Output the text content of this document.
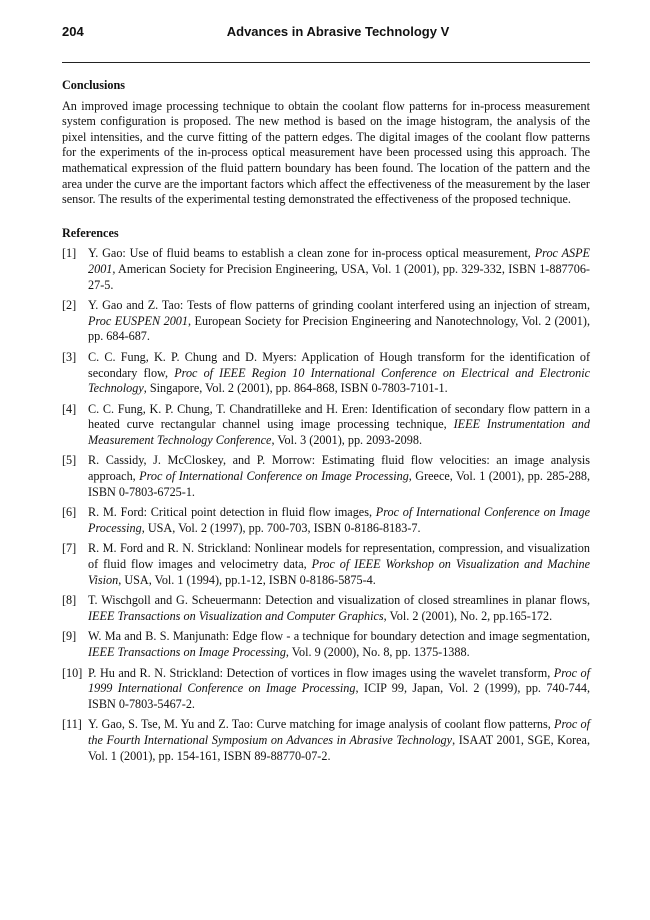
204	Advances in Abrasive Technology V
Conclusions

An improved image processing technique to obtain the coolant flow patterns for in-process measurement system configuration is proposed. The new method is based on the image histogram, the analysis of the pixel intensities, and the curve fitting of the pattern edges. The digital images of the coolant flow patterns for the experiments of the in-process optical measurement have been processed using this approach. The mathematical expression of the fluid pattern boundary has been found. The location of the pattern and the area under the curve are the important factors which affect the effectiveness of the measurement by the laser sensor. The results of the experimental testing demonstrated the effectiveness of the proposed technique.

References
[1] Y. Gao: Use of fluid beams to establish a clean zone for in-process optical measurement, Proc ASPE 2001, American Society for Precision Engineering, USA, Vol. 1 (2001), pp. 329-332, ISBN 1-887706-27-5.
[2] Y. Gao and Z. Tao: Tests of flow patterns of grinding coolant interfered using an injection of stream, Proc EUSPEN 2001, European Society for Precision Engineering and Nanotechnology, Vol. 2 (2001), pp. 684-687.
[3] C. C. Fung, K. P. Chung and D. Myers: Application of Hough transform for the identification of secondary flow, Proc of IEEE Region 10 International Conference on Electrical and Electronic Technology, Singapore, Vol. 2 (2001), pp. 864-868, ISBN 0-7803-7101-1.
[4] C. C. Fung, K. P. Chung, T. Chandratilleke and H. Eren: Identification of secondary flow pattern in a heated curve rectangular channel using image processing technique, IEEE Instrumentation and Measurement Technology Conference, Vol. 3 (2001), pp. 2093-2098.
[5] R. Cassidy, J. McCloskey, and P. Morrow: Estimating fluid flow velocities: an image analysis approach, Proc of International Conference on Image Processing, Greece, Vol. 1 (2001), pp. 285-288, ISBN 0-7803-6725-1.
[6] R. M. Ford: Critical point detection in fluid flow images, Proc of International Conference on Image Processing, USA, Vol. 2 (1997), pp. 700-703, ISBN 0-8186-8183-7.
[7] R. M. Ford and R. N. Strickland: Nonlinear models for representation, compression, and visualization of fluid flow images and velocimetry data, Proc of IEEE Workshop on Visualization and Machine Vision, USA, Vol. 1 (1994), pp.1-12, ISBN 0-8186-5875-4.
[8] T. Wischgoll and G. Scheuermann: Detection and visualization of closed streamlines in planar flows, IEEE Transactions on Visualization and Computer Graphics, Vol. 2 (2001), No. 2, pp.165-172.
[9] W. Ma and B. S. Manjunath: Edge flow - a technique for boundary detection and image segmentation, IEEE Transactions on Image Processing, Vol. 9 (2000), No. 8, pp. 1375-1388.
[10] P. Hu and R. N. Strickland: Detection of vortices in flow images using the wavelet transform, Proc of 1999 International Conference on Image Processing, ICIP 99, Japan, Vol. 2 (1999), pp. 740-744, ISBN 0-7803-5467-2.
[11] Y. Gao, S. Tse, M. Yu and Z. Tao: Curve matching for image analysis of coolant flow patterns, Proc of the Fourth International Symposium on Advances in Abrasive Technology, ISAAT 2001, SGE, Korea, Vol. 1 (2001), pp. 154-161, ISBN 89-88770-07-2.
